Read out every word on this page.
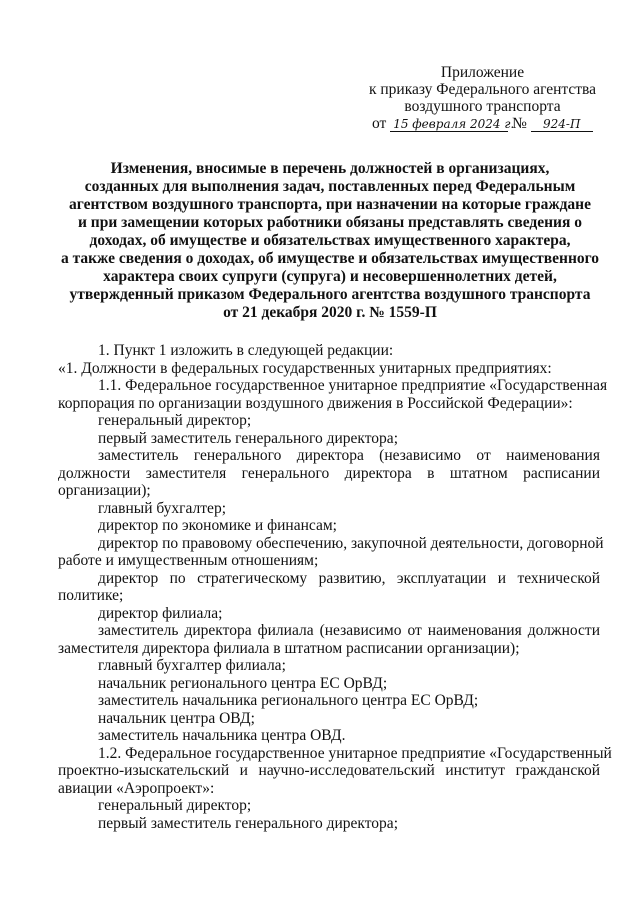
Приложение
к приказу Федерального агентства
воздушного транспорта
от 15 февраля 2024 г. № 924-П
Изменения, вносимые в перечень должностей в организациях,
созданных для выполнения задач, поставленных перед Федеральным
агентством воздушного транспорта, при назначении на которые граждане
и при замещении которых работники обязаны представлять сведения о
доходах, об имуществе и обязательствах имущественного характера,
а также сведения о доходах, об имуществе и обязательствах имущественного
характера своих супруги (супруга) и несовершеннолетних детей,
утвержденный приказом Федерального агентства воздушного транспорта
от 21 декабря 2020 г. № 1559-П
1. Пункт 1 изложить в следующей редакции:
«1. Должности в федеральных государственных унитарных предприятиях:
1.1. Федеральное государственное унитарное предприятие «Государственная
корпорация по организации воздушного движения в Российской Федерации»:
генеральный директор;
первый заместитель генерального директора;
заместитель генерального директора (независимо от наименования
должности заместителя генерального директора в штатном расписании
организации);
главный бухгалтер;
директор по экономике и финансам;
директор по правовому обеспечению, закупочной деятельности, договорной
работе и имущественным отношениям;
директор по стратегическому развитию, эксплуатации и технической
политике;
директор филиала;
заместитель директора филиала (независимо от наименования должности
заместителя директора филиала в штатном расписании организации);
главный бухгалтер филиала;
начальник регионального центра ЕС ОрВД;
заместитель начальника регионального центра ЕС ОрВД;
начальник центра ОВД;
заместитель начальника центра ОВД.
1.2. Федеральное государственное унитарное предприятие «Государственный
проектно-изыскательский и научно-исследовательский институт гражданской
авиации «Аэропроект»:
генеральный директор;
первый заместитель генерального директора;
